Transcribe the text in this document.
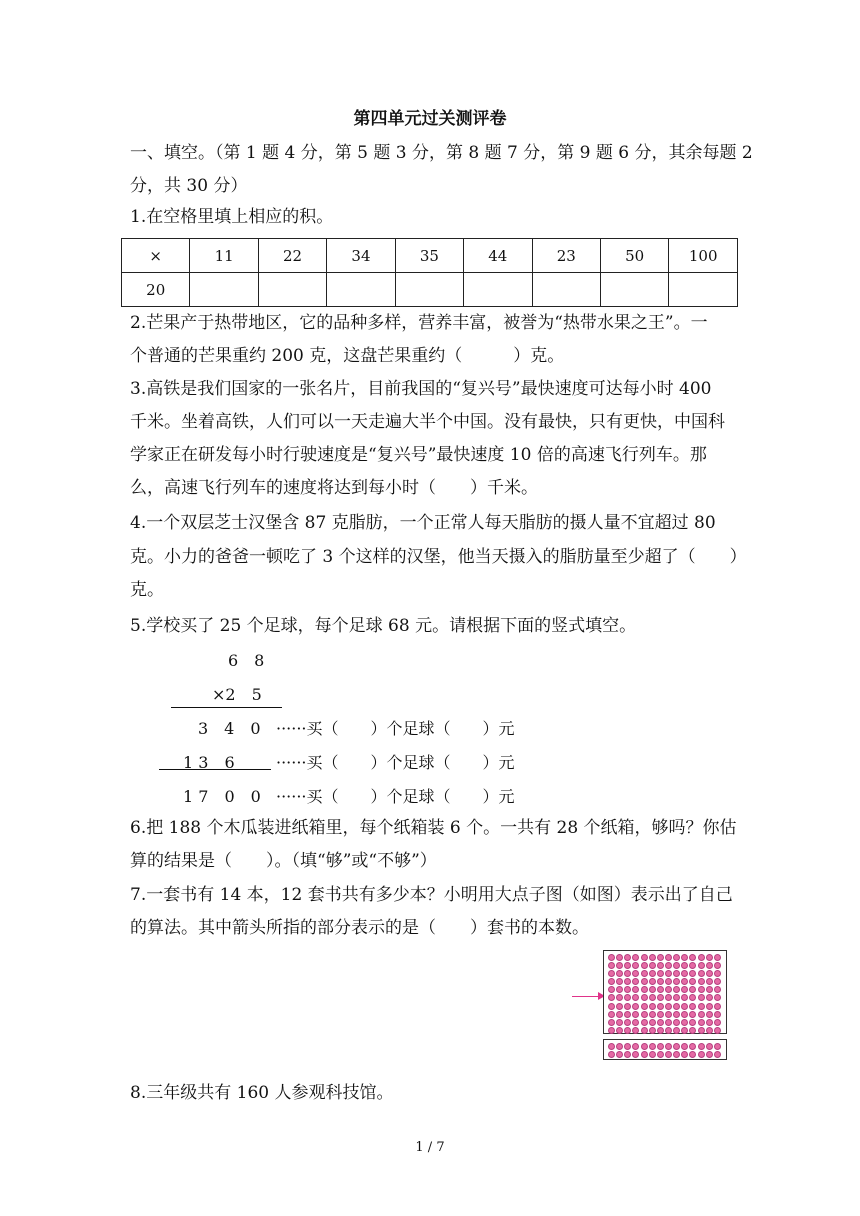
第四单元过关测评卷
一、填空。（第 1 题 4 分，第 5 题 3 分，第 8 题 7 分，第 9 题 6 分，其余每题 2
分，共 30 分）
1.在空格里填上相应的积。
×	11	22	34	35	44	23	50	100
20								
2.芒果产于热带地区，它的品种多样，营养丰富，被誉为“热带水果之王”。一
个普通的芒果重约 200 克，这盘芒果重约（　　　）克。
3.高铁是我们国家的一张名片，目前我国的“复兴号”最快速度可达每小时 400
千米。坐着高铁，人们可以一天走遍大半个中国。没有最快，只有更快，中国科
学家正在研发每小时行驶速度是“复兴号”最快速度 10 倍的高速飞行列车。那
么，高速飞行列车的速度将达到每小时（　　）千米。
4.一个双层芝士汉堡含 87 克脂肪，一个正常人每天脂肪的摄人量不宜超过 80
克。小力的爸爸一顿吃了 3 个这样的汉堡，他当天摄入的脂肪量至少超了（　　）
克。
5.学校买了 25 个足球，每个足球 68 元。请根据下面的竖式填空。
6　8
×2　5
3　4　0 ······买（　　）个足球（　　）元
1 3　6	······买（　　）个足球（　　）元
1 7　0　0 ······买（　　）个足球（　　）元
6.把 188 个木瓜装进纸箱里，每个纸箱装 6 个。一共有 28 个纸箱，够吗？你估
算的结果是（　　）。（填“够”或“不够”）
7.一套书有 14 本，12 套书共有多少本？小明用大点子图（如图）表示出了自己
的算法。其中箭头所指的部分表示的是（　　）套书的本数。
8.三年级共有 160 人参观科技馆。
1 / 7
